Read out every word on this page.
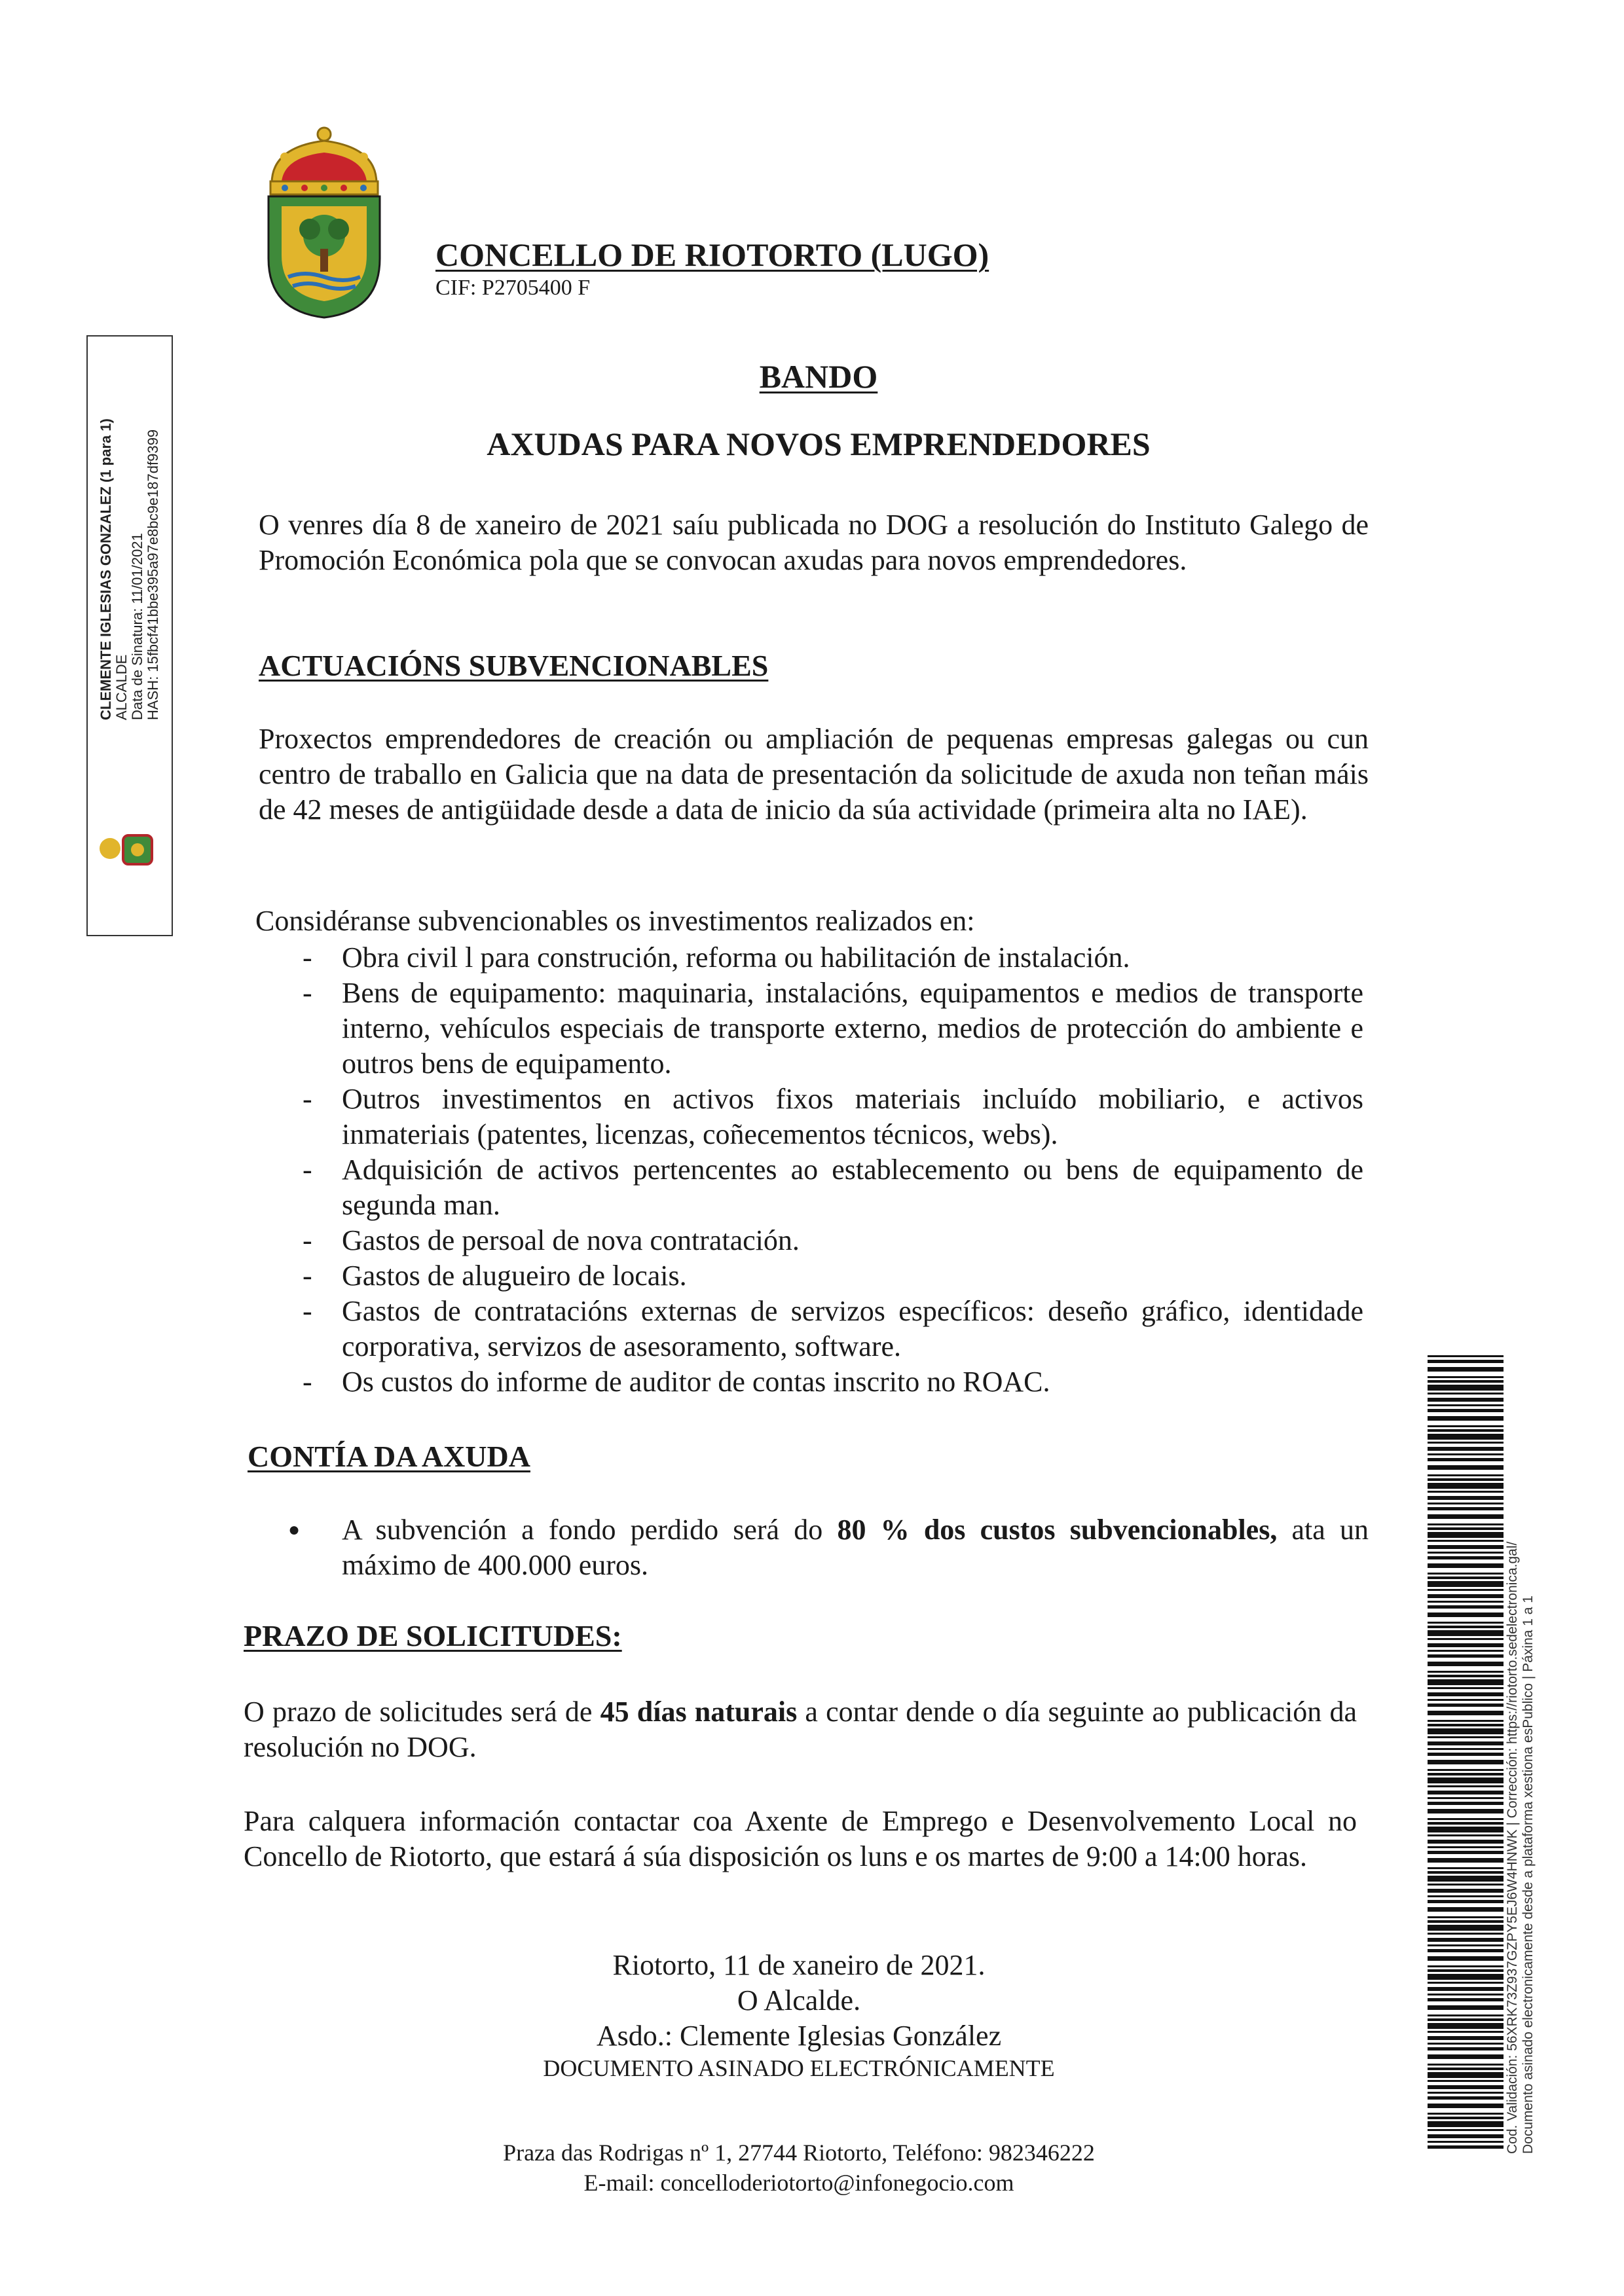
CONCELLO DE RIOTORTO (LUGO)
CIF: P2705400 F
CLEMENTE IGLESIAS GONZALEZ (1 para 1) ALCALDE Data de Sinatura: 11/01/2021 HASH: 15fbcf41bbe395a97e8bc9e187df9399
BANDO
AXUDAS PARA NOVOS EMPRENDEDORES
O venres día 8 de xaneiro de 2021 saíu publicada no DOG a resolución do Instituto Galego de Promoción Económica pola que se convocan axudas para novos emprendedores.
ACTUACIÓNS SUBVENCIONABLES
Proxectos emprendedores de creación ou ampliación de pequenas empresas galegas ou cun centro de traballo en Galicia que na data de presentación da solicitude de axuda non teñan máis de 42 meses de antigüidade desde a data de inicio da súa actividade (primeira alta no IAE).
Considéranse subvencionables os investimentos realizados en:
- Obra civil l para construción, reforma ou habilitación de instalación.
- Bens de equipamento: maquinaria, instalacións, equipamentos e medios de transporte interno, vehículos especiais de transporte externo, medios de protección do ambiente e outros bens de equipamento.
- Outros investimentos en activos fixos materiais incluído mobiliario, e activos inmateriais (patentes, licenzas, coñecementos técnicos, webs).
- Adquisición de activos pertencentes ao establecemento ou bens de equipamento de segunda man.
- Gastos de persoal de nova contratación.
- Gastos de alugueiro de locais.
- Gastos de contratacións externas de servizos específicos: deseño gráfico, identidade corporativa, servizos de asesoramento, software.
- Os custos do informe de auditor de contas inscrito no ROAC.
CONTÍA DA AXUDA
● A subvención a fondo perdido será do 80 % dos custos subvencionables, ata un máximo de 400.000 euros.
PRAZO DE SOLICITUDES:
O prazo de solicitudes será de 45 días naturais a contar dende o día seguinte ao publicación da resolución no DOG.
Para calquera información contactar coa Axente de Emprego e Desenvolvemento Local no Concello de Riotorto, que estará á súa disposición os luns e os martes de 9:00 a 14:00 horas.
Riotorto, 11 de xaneiro de 2021.
O Alcalde.
Asdo.: Clemente Iglesias González
DOCUMENTO ASINADO ELECTRÓNICAMENTE
Praza das Rodrigas nº 1, 27744 Riotorto, Teléfono: 982346222
E-mail: concelloderiotorto@infonegocio.com
Cod. Validación: 56XRK73Z937GZPY5EJ6W4HNWK | Corrección: https://riotorto.sedelectronica.gal/ Documento asinado electronicamente desde a plataforma xestiona esPublico | Páxina 1 a 1
